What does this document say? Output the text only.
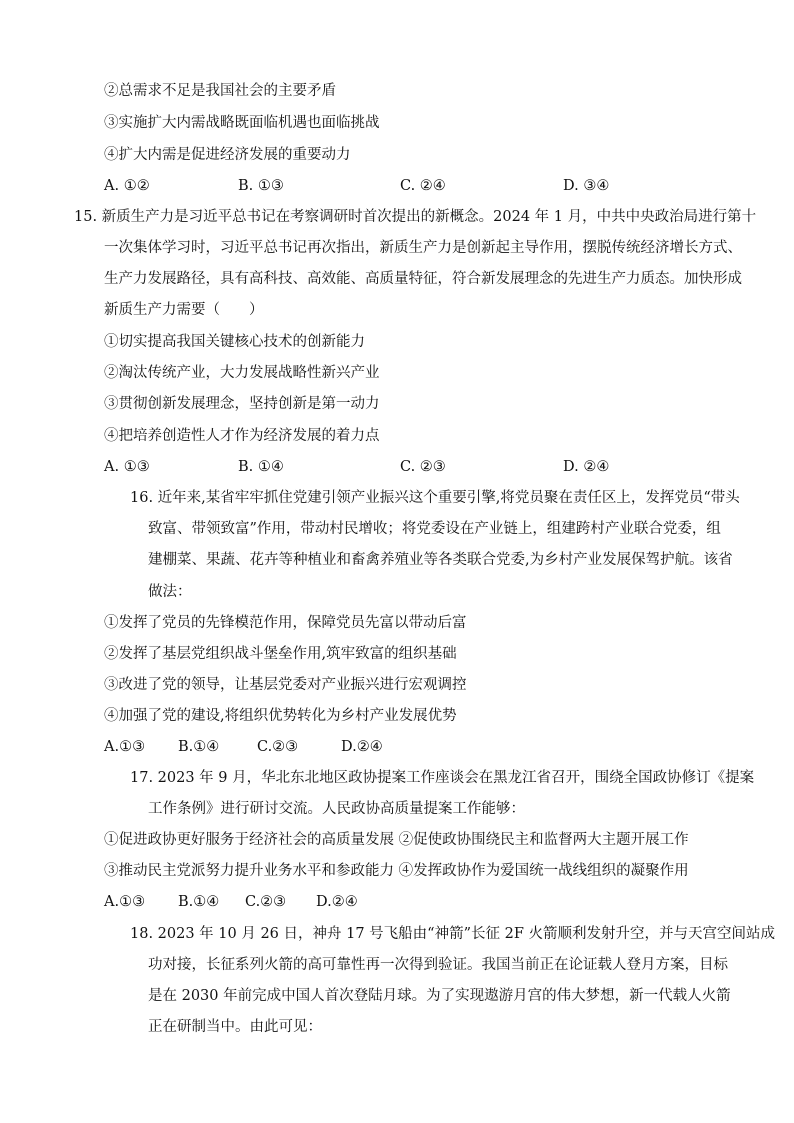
②总需求不足是我国社会的主要矛盾
③实施扩大内需战略既面临机遇也面临挑战
④扩大内需是促进经济发展的重要动力
A. ①②	B. ①③	C. ②④	D. ③④
15. 新质生产力是习近平总书记在考察调研时首次提出的新概念。2024 年 1 月，中共中央政治局进行第十
一次集体学习时，习近平总书记再次指出，新质生产力是创新起主导作用，摆脱传统经济增长方式、
生产力发展路径，具有高科技、高效能、高质量特征，符合新发展理念的先进生产力质态。加快形成
新质生产力需要（　　）
①切实提高我国关键核心技术的创新能力
②淘汰传统产业，大力发展战略性新兴产业
③贯彻创新发展理念，坚持创新是第一动力
④把培养创造性人才作为经济发展的着力点
A. ①③	B. ①④	C. ②③	D. ②④
16. 近年来,某省牢牢抓住党建引领产业振兴这个重要引擎,将党员聚在责任区上，发挥党员“带头
致富、带领致富”作用，带动村民增收；将党委设在产业链上，组建跨村产业联合党委，组
建棚菜、果蔬、花卉等种植业和畜禽养殖业等各类联合党委,为乡村产业发展保驾护航。该省
做法：
①发挥了党员的先锋模范作用，保障党员先富以带动后富
②发挥了基层党组织战斗堡垒作用,筑牢致富的组织基础
③改进了党的领导，让基层党委对产业振兴进行宏观调控
④加强了党的建设,将组织优势转化为乡村产业发展优势
A.①③ B.①④	C.②③	D.②④
17. 2023 年 9 月，华北东北地区政协提案工作座谈会在黑龙江省召开，围绕全国政协修订《提案
工作条例》进行研讨交流。人民政协高质量提案工作能够：
①促进政协更好服务于经济社会的高质量发展 ②促使政协围绕民主和监督两大主题开展工作
③推动民主党派努力提升业务水平和参政能力 ④发挥政协作为爱国统一战线组织的凝聚作用
A.①③ B.①④ C.②③ D.②④
18. 2023 年 10 月 26 日，神舟 17 号飞船由“神箭”长征 2F 火箭顺利发射升空，并与天宫空间站成
功对接，长征系列火箭的高可靠性再一次得到验证。我国当前正在论证载人登月方案，目标
是在 2030 年前完成中国人首次登陆月球。为了实现遨游月宫的伟大梦想，新一代载人火箭
正在研制当中。由此可见：
